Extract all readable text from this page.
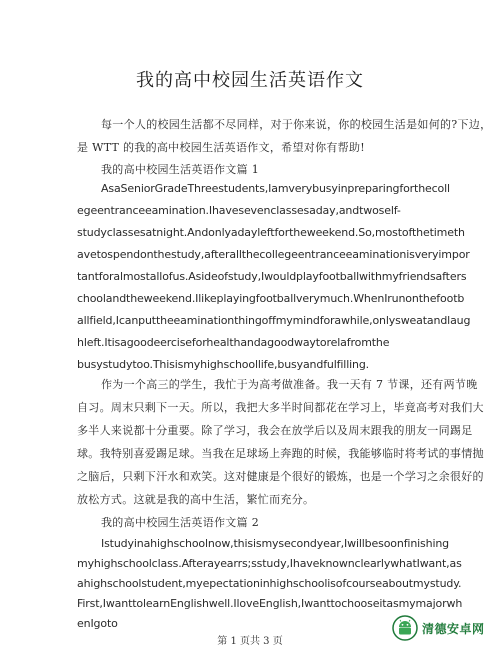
我的高中校园生活英语作文

每一个人的校园生活都不尽同样，对于你来说，你的校园生活是如何的?下边，

是 WTT 的我的高中校园生活英语作文，希望对你有帮助!

我的高中校园生活英语作文篇 1

AsaSeniorGradeThreestudents,Iamverybusyinpreparingforthecoll

egeentranceeamination.Ihavesevenclassesaday,andtwoself-

studyclassesatnight.Andonlyadayleftfortheweekend.So,mostofthetimeth

avetospendonthestudy,afterallthecollegeentranceeaminationisveryimpor

tantforalmostallofus.Asideofstudy,Iwouldplayfootballwithmyfriendsafters

choolandtheweekend.Ilikeplayingfootballverymuch.WhenIrunonthefootb

allfield,Icanputtheeaminationthingoffmymindforawhile,onlysweatandlaug

hleft.Itisagoodeerciseforhealthandagoodwaytorelafromthe

busystudytoo.Thisismyhighschoollife,busyandfulfilling.

作为一个高三的学生，我忙于为高考做准备。我一天有 7 节课，还有两节晚

自习。周末只剩下一天。所以，我把大多半时间都花在学习上，毕竟高考对我们大

多半人来说都十分重要。除了学习，我会在放学后以及周末跟我的朋友一同踢足

球。我特别喜爱踢足球。当我在足球场上奔跑的时候，我能够临时将考试的事情抛

之脑后，只剩下汗水和欢笑。这对健康是个很好的锻炼，也是一个学习之余很好的

放松方式。这就是我的高中生活，繁忙而充分。

我的高中校园生活英语作文篇 2

Istudyinahighschoolnow,thisismysecondyear,Iwillbesoonfinishing

myhighschoolclass.Afterayearrs;sstudy,IhaveknownclearlywhatIwant,as

ahighschoolstudent,myepectationinhighschoolisofcourseaboutmystudy.

First,IwanttolearnEnglishwell.IloveEnglish,Iwanttochooseitasmymajorwh

enIgoto

第 1 页共 3 页

清德安卓网
